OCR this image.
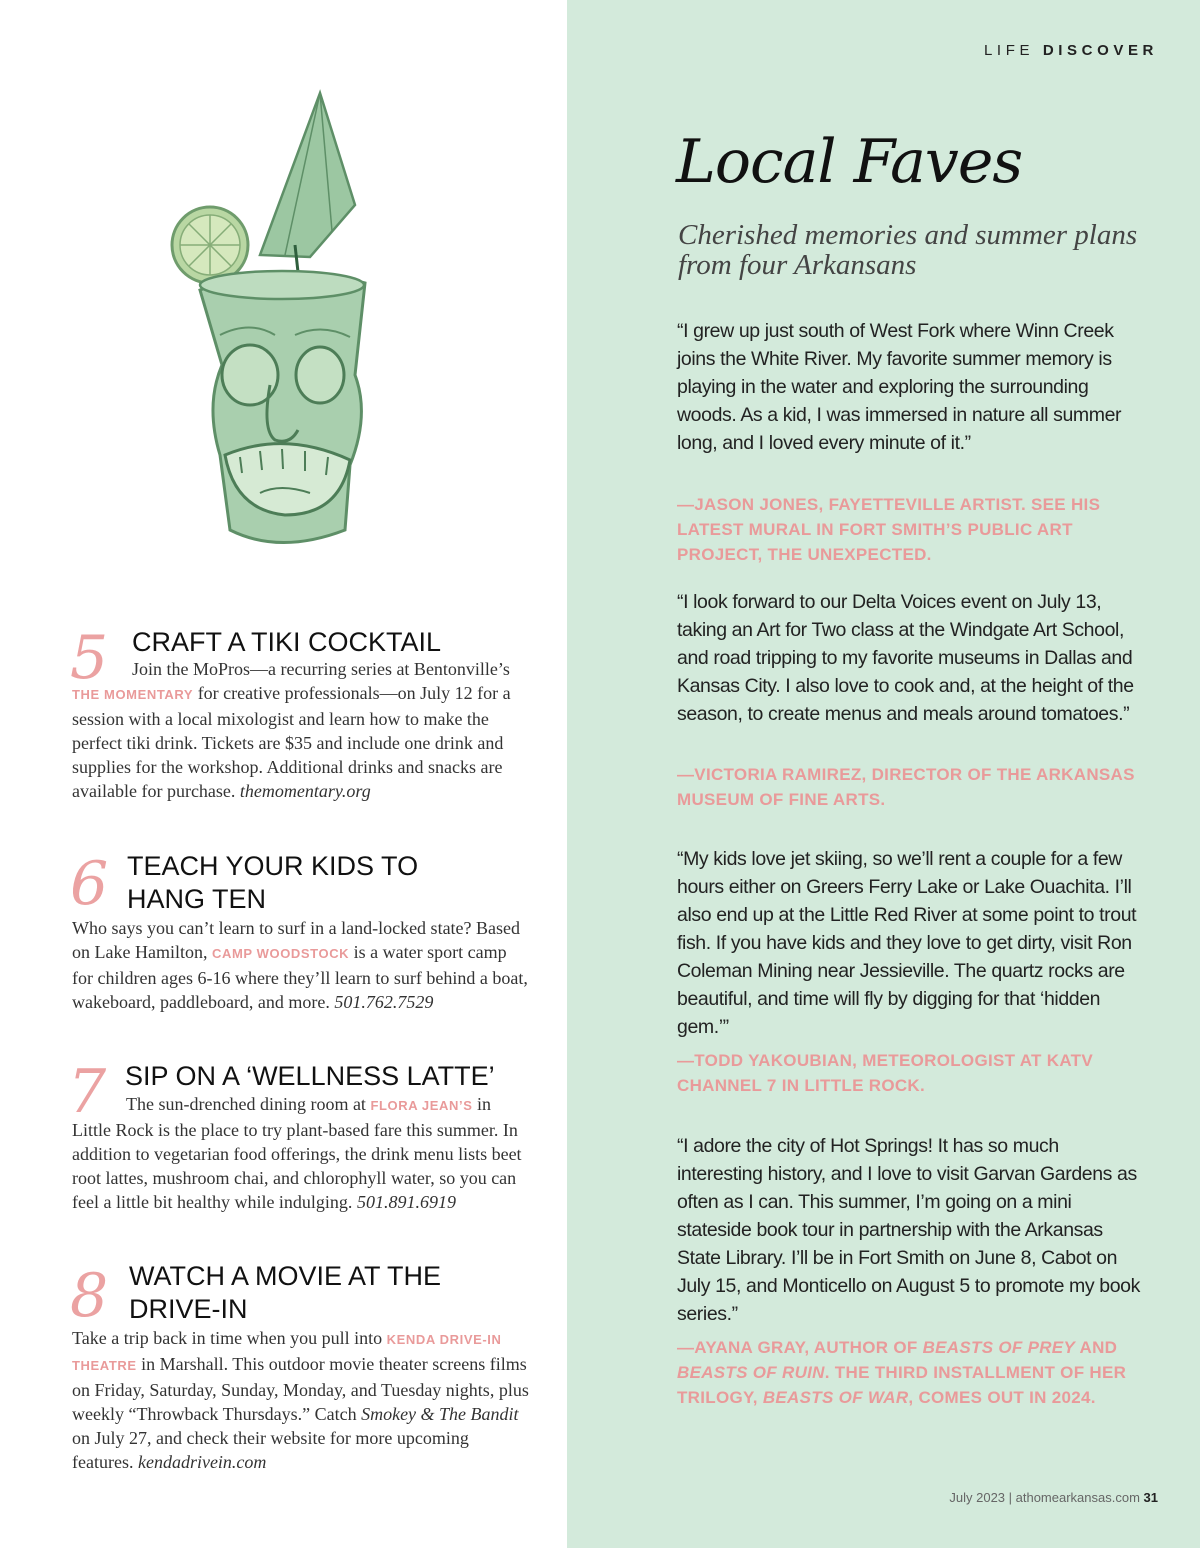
5 CRAFT A TIKI COCKTAIL

Join the MoPros—a recurring series at Bentonville’s THE MOMENTARY for creative professionals—on July 12 for a session with a local mixologist and learn how to make the perfect tiki drink. Tickets are $35 and include one drink and supplies for the workshop. Additional drinks and snacks are available for purchase. themomentary.org

6 TEACH YOUR KIDS TO
HANG TEN

Who says you can’t learn to surf in a land-locked state? Based on Lake Hamilton, CAMP WOODSTOCK is a water sport camp for children ages 6-16 where they’ll learn to surf behind a boat, wakeboard, paddleboard, and more. 501.762.7529

7 SIP ON A ‘WELLNESS LATTE’

The sun-drenched dining room at FLORA JEAN’S in Little Rock is the place to try plant-based fare this summer. In addition to vegetarian food offerings, the drink menu lists beet root lattes, mushroom chai, and chlorophyll water, so you can feel a little bit healthy while indulging. 501.891.6919

8 WATCH A MOVIE AT THE
DRIVE-IN

Take a trip back in time when you pull into KENDA DRIVE-IN THEATRE in Marshall. This outdoor movie theater screens films on Friday, Saturday, Sunday, Monday, and Tuesday nights, plus weekly “Throwback Thursdays.” Catch Smokey & The Bandit on July 27, and check their website for more upcoming features. kendadrivein.com

LIFE DISCOVER
Local Faves
Cherished memories and summer plans from four Arkansans

“I grew up just south of West Fork where Winn Creek joins the White River. My favorite summer memory is playing in the water and exploring the surrounding woods. As a kid, I was immersed in nature all summer long, and I loved every minute of it.”

—JASON JONES, FAYETTEVILLE ARTIST. SEE HIS LATEST MURAL IN FORT SMITH’S PUBLIC ART PROJECT, THE UNEXPECTED.

“I look forward to our Delta Voices event on July 13, taking an Art for Two class at the Windgate Art School, and road tripping to my favorite museums in Dallas and Kansas City. I also love to cook and, at the height of the season, to create menus and meals around tomatoes.”

—VICTORIA RAMIREZ, DIRECTOR OF THE ARKANSAS MUSEUM OF FINE ARTS.

“My kids love jet skiing, so we’ll rent a couple for a few hours either on Greers Ferry Lake or Lake Ouachita. I’ll also end up at the Little Red River at some point to trout fish. If you have kids and they love to get dirty, visit Ron Coleman Mining near Jessieville. The quartz rocks are beautiful, and time will fly by digging for that ‘hidden gem.’”

—TODD YAKOUBIAN, METEOROLOGIST AT KATV CHANNEL 7 IN LITTLE ROCK.

“I adore the city of Hot Springs! It has so much interesting history, and I love to visit Garvan Gardens as often as I can. This summer, I’m going on a mini stateside book tour in partnership with the Arkansas State Library. I’ll be in Fort Smith on June 8, Cabot on July 15, and Monticello on August 5 to promote my book series.”

—AYANA GRAY, AUTHOR OF BEASTS OF PREY AND BEASTS OF RUIN. THE THIRD INSTALLMENT OF HER TRILOGY, BEASTS OF WAR, COMES OUT IN 2024.

July 2023 | athomearkansas.com 31
